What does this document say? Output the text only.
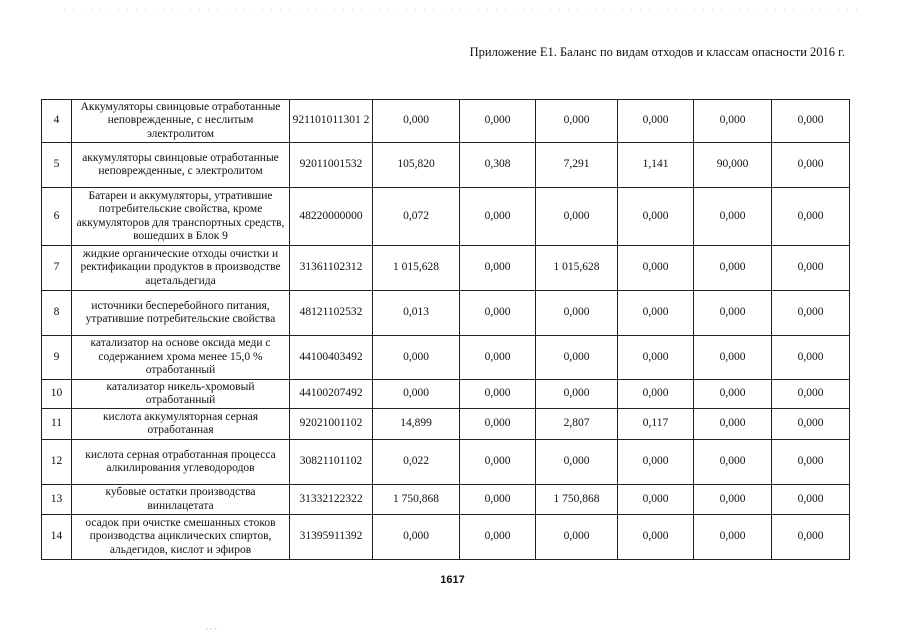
Приложение Е1. Баланс по видам отходов и классам опасности 2016 г.
4	Аккумуляторы свинцовые отработанные неповрежденные, с неслитым электролитом	921101011301 2	0,000	0,000	0,000	0,000	0,000	0,000
5	аккумуляторы свинцовые отработанные неповрежденные, с электролитом	92011001532	105,820	0,308	7,291	1,141	90,000	0,000
6	Батареи и аккумуляторы, утратившие потребительские свойства, кроме аккумуляторов для транспортных средств, вошедших в Блок 9	48220000000	0,072	0,000	0,000	0,000	0,000	0,000
7	жидкие органические отходы очистки и ректификации продуктов в производстве ацетальдегида	31361102312	1 015,628	0,000	1 015,628	0,000	0,000	0,000
8	источники бесперебойного питания, утратившие потребительские свойства	48121102532	0,013	0,000	0,000	0,000	0,000	0,000
9	катализатор на основе оксида меди с содержанием хрома менее 15,0 % отработанный	44100403492	0,000	0,000	0,000	0,000	0,000	0,000
10	катализатор никель-хромовый отработанный	44100207492	0,000	0,000	0,000	0,000	0,000	0,000
11	кислота аккумуляторная серная отработанная	92021001102	14,899	0,000	2,807	0,117	0,000	0,000
12	кислота серная отработанная процесса алкилирования углеводородов	30821101102	0,022	0,000	0,000	0,000	0,000	0,000
13	кубовые остатки производства винилацетата	31332122322	1 750,868	0,000	1 750,868	0,000	0,000	0,000
14	осадок при очистке смешанных стоков производства ациклических спиртов, альдегидов, кислот и эфиров	31395911392	0,000	0,000	0,000	0,000	0,000	0,000
1617
